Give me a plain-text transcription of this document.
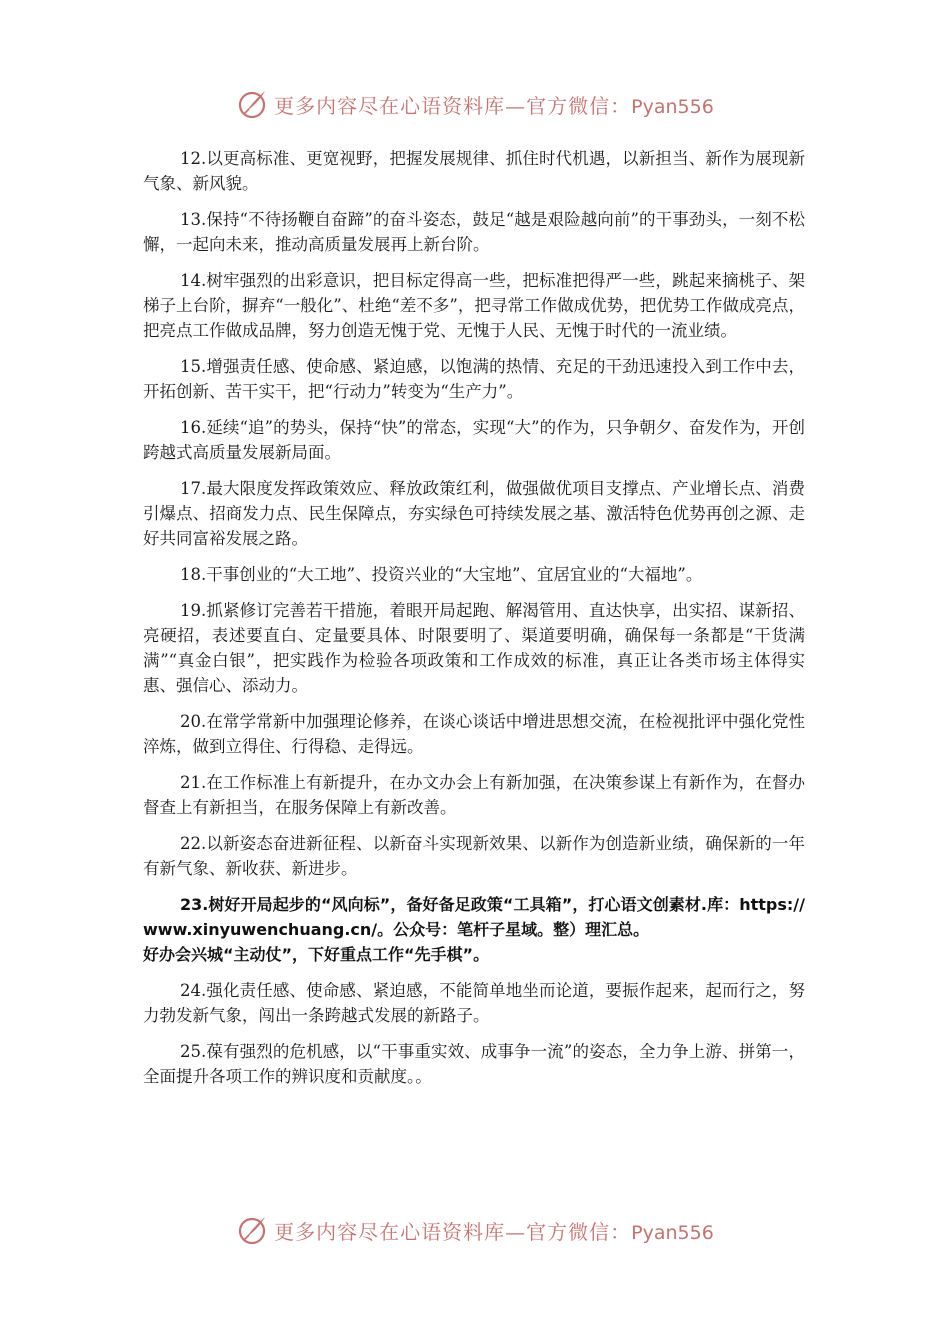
更多内容尽在心语资料库—官方微信：Pyan556

12.以更高标准、更宽视野，把握发展规律、抓住时代机遇，以新担当、新作为展现新气象、新风貌。

13.保持“不待扬鞭自奋蹄”的奋斗姿态，鼓足“越是艰险越向前”的干事劲头，一刻不松懈，一起向未来，推动高质量发展再上新台阶。

14.树牢强烈的出彩意识，把目标定得高一些，把标准把得严一些，跳起来摘桃子、架梯子上台阶，摒弃“一般化”、杜绝“差不多”，把寻常工作做成优势，把优势工作做成亮点，把亮点工作做成品牌，努力创造无愧于党、无愧于人民、无愧于时代的一流业绩。

15.增强责任感、使命感、紧迫感，以饱满的热情、充足的干劲迅速投入到工作中去，开拓创新、苦干实干，把“行动力”转变为“生产力”。

16.延续“追”的势头，保持“快”的常态，实现“大”的作为，只争朝夕、奋发作为，开创跨越式高质量发展新局面。

17.最大限度发挥政策效应、释放政策红利，做强做优项目支撑点、产业增长点、消费引爆点、招商发力点、民生保障点，夯实绿色可持续发展之基、激活特色优势再创之源、走好共同富裕发展之路。

18.干事创业的“大工地”、投资兴业的“大宝地”、宜居宜业的“大福地”。

19.抓紧修订完善若干措施，着眼开局起跑、解渴管用、直达快享，出实招、谋新招、亮硬招，表述要直白、定量要具体、时限要明了、渠道要明确，确保每一条都是“干货满满”“真金白银”，把实践作为检验各项政策和工作成效的标准，真正让各类市场主体得实惠、强信心、添动力。

20.在常学常新中加强理论修养，在谈心谈话中增进思想交流，在检视批评中强化党性淬炼，做到立得住、行得稳、走得远。

21.在工作标准上有新提升，在办文办会上有新加强，在决策参谋上有新作为，在督办督查上有新担当，在服务保障上有新改善。

22.以新姿态奋进新征程、以新奋斗实现新效果、以新作为创造新业绩，确保新的一年有新气象、新收获、新进步。

23.树好开局起步的“风向标”，备好备足政策“工具箱”，打心语文创素材.库：https://www.xinyuwenchuang.cn/。公众号：笔杆子星域。整）理汇总。
好办会兴城“主动仗”，下好重点工作“先手棋”。

24.强化责任感、使命感、紧迫感，不能简单地坐而论道，要振作起来，起而行之，努力勃发新气象，闯出一条跨越式发展的新路子。

25.葆有强烈的危机感，以“干事重实效、成事争一流”的姿态，全力争上游、拼第一，全面提升各项工作的辨识度和贡献度。。

更多内容尽在心语资料库—官方微信：Pyan556
